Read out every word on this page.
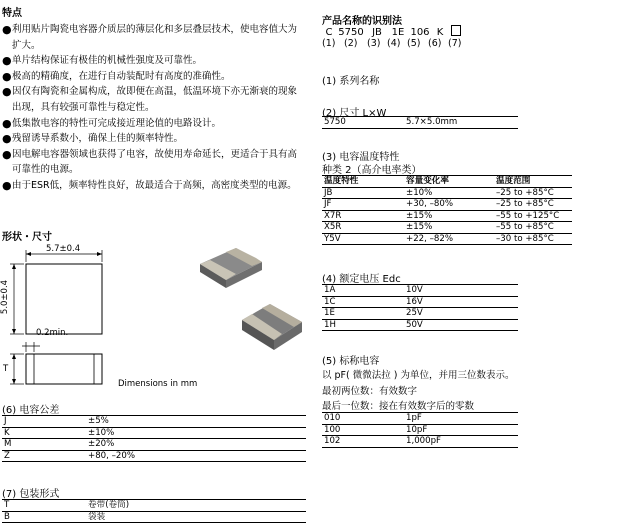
特点
● 利用贴片陶瓷电容器介质层的薄层化和多层叠层技术，使电容值大为扩大。
● 单片结构保证有极佳的机械性强度及可靠性。
● 极高的精确度，在进行自动装配时有高度的准确性。
● 因仅有陶瓷和金属构成，故即便在高温，低温环境下亦无渐衰的现象出现，具有较强可靠性与稳定性。
● 低集散电容的特性可完成接近理论值的电路设计。
● 残留诱导系数小，确保上佳的频率特性。
● 因电解电容器领域也获得了电容，故使用寿命延长，更适合于具有高可靠性的电源。
● 由于ESR低，频率特性良好，故最适合于高频，高密度类型的电源。
形状・尺寸
5.7±0.4
5.0±0.4
0.2min.
T
Dimensions in mm
(6) 电容公差
J	±5%
K	±10%
M	±20%
Z	+80, –20%
(7) 包装形式
T	卷带(卷筒)
B	袋装
产品名称的识别法
C 5750 JB 1E 106 K
(1) (2) (3) (4) (5) (6) (7)
(1) 系列名称
(2) 尺寸 L×W
5750	5.7×5.0mm
(3) 电容温度特性
种类 2（高介电率类）
温度特性	容量变化率	温度范围
JB	±10%	–25 to +85°C
JF	+30, –80%	–25 to +85°C
X7R	±15%	–55 to +125°C
X5R	±15%	–55 to +85°C
Y5V	+22, –82%	–30 to +85°C
(4) 额定电压 Edc
1A	10V
1C	16V
1E	25V
1H	50V
(5) 标称电容
以 pF( 微微法拉 ) 为单位，并用三位数表示。
最初两位数：有效数字
最后一位数：接在有效数字后的零数
010	1pF
100	10pF
102	1,000pF
